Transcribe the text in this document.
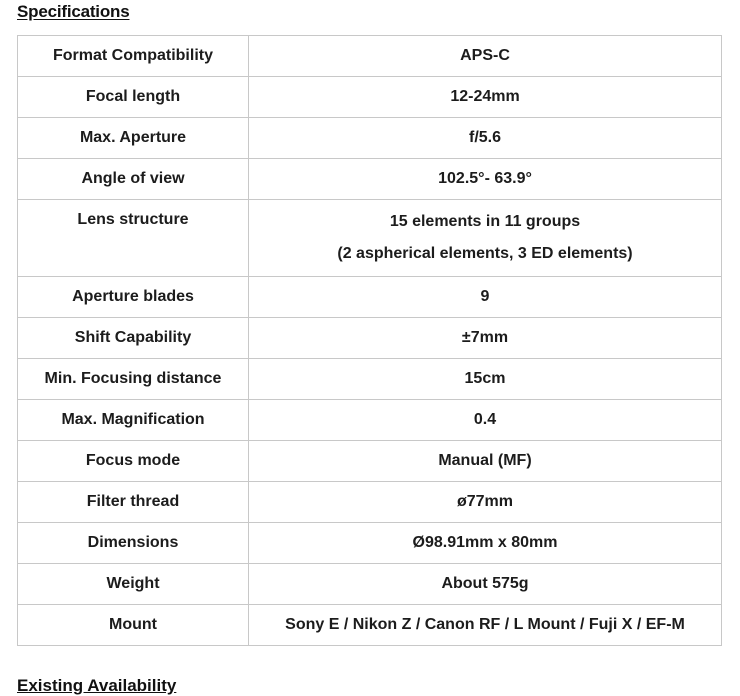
Specifications
Format Compatibility	APS-C

Focal length	12-24mm

Max. Aperture	f/5.6

Angle of view	102.5°- 63.9°

Lens structure	15 elements in 11 groups
(2 aspherical elements, 3 ED elements)

Aperture blades	9

Shift Capability	±7mm

Min. Focusing distance	15cm

Max. Magnification	0.4

Focus mode	Manual (MF)

Filter thread	ø77mm

Dimensions	Ø98.91mm x 80mm

Weight	About 575g

Mount	Sony E / Nikon Z / Canon RF / L Mount / Fuji X / EF-M
Existing Availability
